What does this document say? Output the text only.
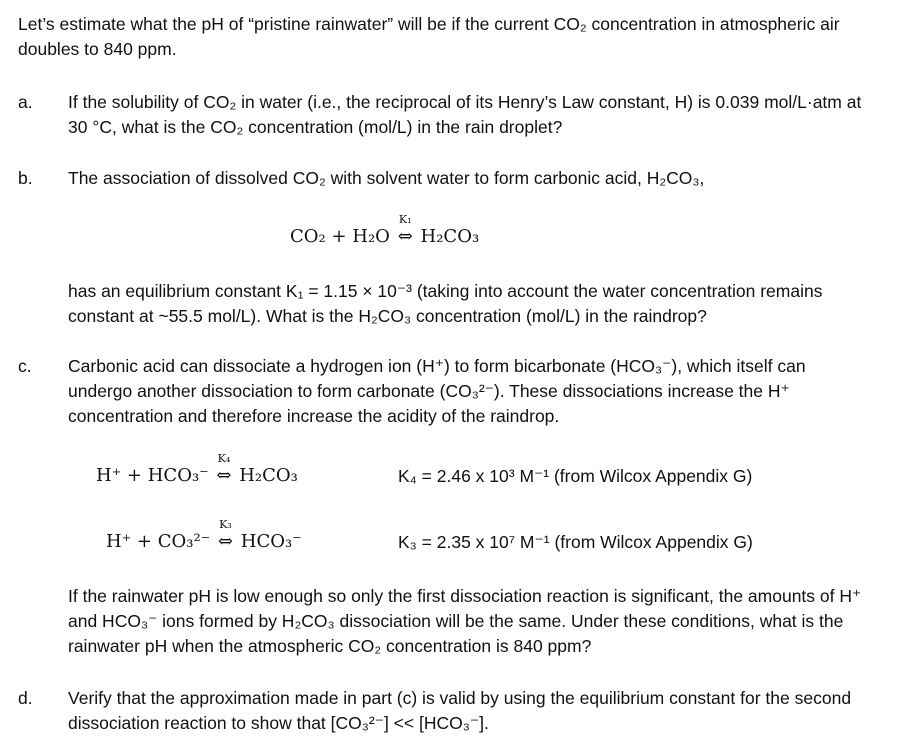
Let’s estimate what the pH of “pristine rainwater” will be if the current CO₂ concentration in atmospheric air doubles to 840 ppm.

a. If the solubility of CO₂ in water (i.e., the reciprocal of its Henry’s Law constant, H) is 0.039 mol/L·atm at 30 °C, what is the CO₂ concentration (mol/L) in the rain droplet?

b. The association of dissolved CO₂ with solvent water to form carbonic acid, H₂CO₃,

CO₂ + H₂O ⇔
K₁
H₂CO₃

has an equilibrium constant K₁ = 1.15 × 10⁻³ (taking into account the water concentration remains constant at ~55.5 mol/L). What is the H₂CO₃ concentration (mol/L) in the raindrop?

c. Carbonic acid can dissociate a hydrogen ion (H⁺) to form bicarbonate (HCO₃⁻), which itself can undergo another dissociation to form carbonate (CO₃²⁻). These dissociations increase the H⁺ concentration and therefore increase the acidity of the raindrop.

H⁺ + HCO₃⁻ ⇔
K₄
H₂CO₃	K₄ = 2.46 x 10³ M⁻¹ (from Wilcox Appendix G)
H⁺ + CO₃²⁻ ⇔
K₃
HCO₃⁻	K₃ = 2.35 x 10⁷ M⁻¹ (from Wilcox Appendix G)

If the rainwater pH is low enough so only the first dissociation reaction is significant, the amounts of H⁺ and HCO₃⁻ ions formed by H₂CO₃ dissociation will be the same. Under these conditions, what is the rainwater pH when the atmospheric CO₂ concentration is 840 ppm?

d. Verify that the approximation made in part (c) is valid by using the equilibrium constant for the second dissociation reaction to show that [CO₃²⁻] << [HCO₃⁻].
